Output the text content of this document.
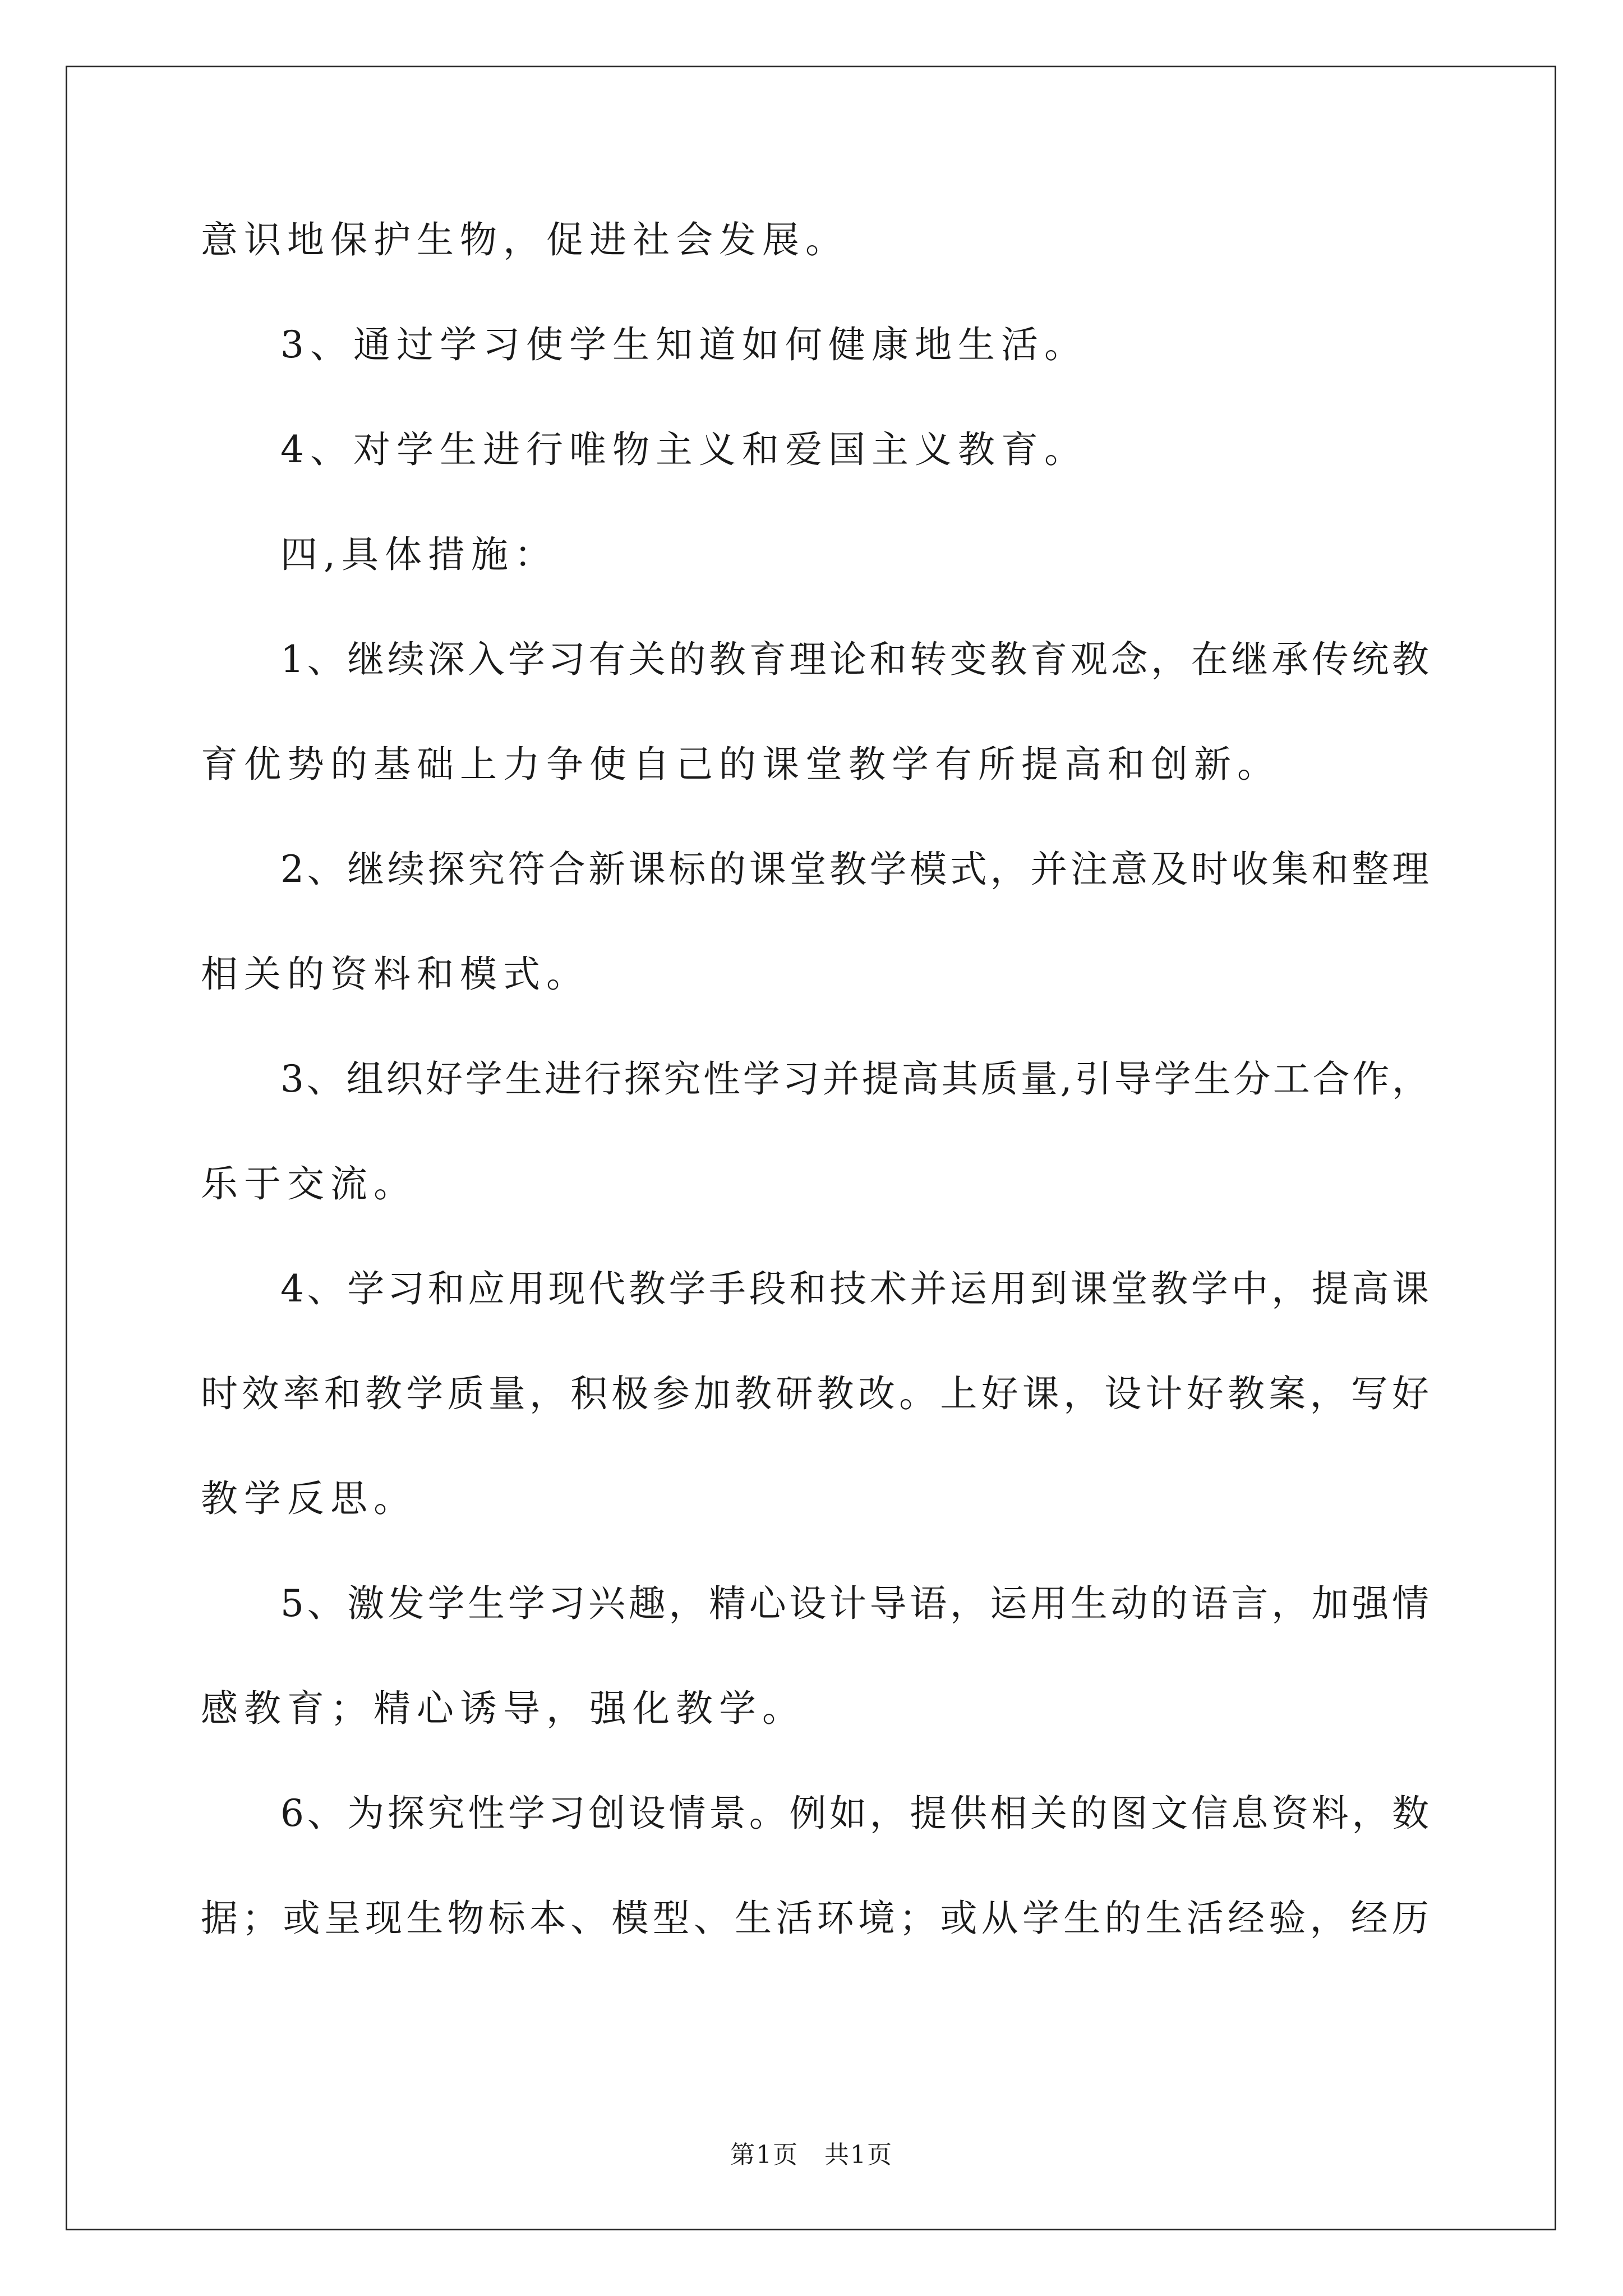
意识地保护生物，促进社会发展。
3、通过学习使学生知道如何健康地生活。
4、对学生进行唯物主义和爱国主义教育。
四,具体措施：
1、继续深入学习有关的教育理论和转变教育观念，在继承传统教
育优势的基础上力争使自己的课堂教学有所提高和创新。
2、继续探究符合新课标的课堂教学模式，并注意及时收集和整理
相关的资料和模式。
3、组织好学生进行探究性学习并提高其质量,引导学生分工合作，
乐于交流。
4、学习和应用现代教学手段和技术并运用到课堂教学中，提高课
时效率和教学质量，积极参加教研教改。上好课，设计好教案，写好
教学反思。
5、激发学生学习兴趣，精心设计导语，运用生动的语言，加强情
感教育；精心诱导，强化教学。
6、为探究性学习创设情景。例如，提供相关的图文信息资料，数
据；或呈现生物标本、模型、生活环境；或从学生的生活经验，经历
第1页　共1页
